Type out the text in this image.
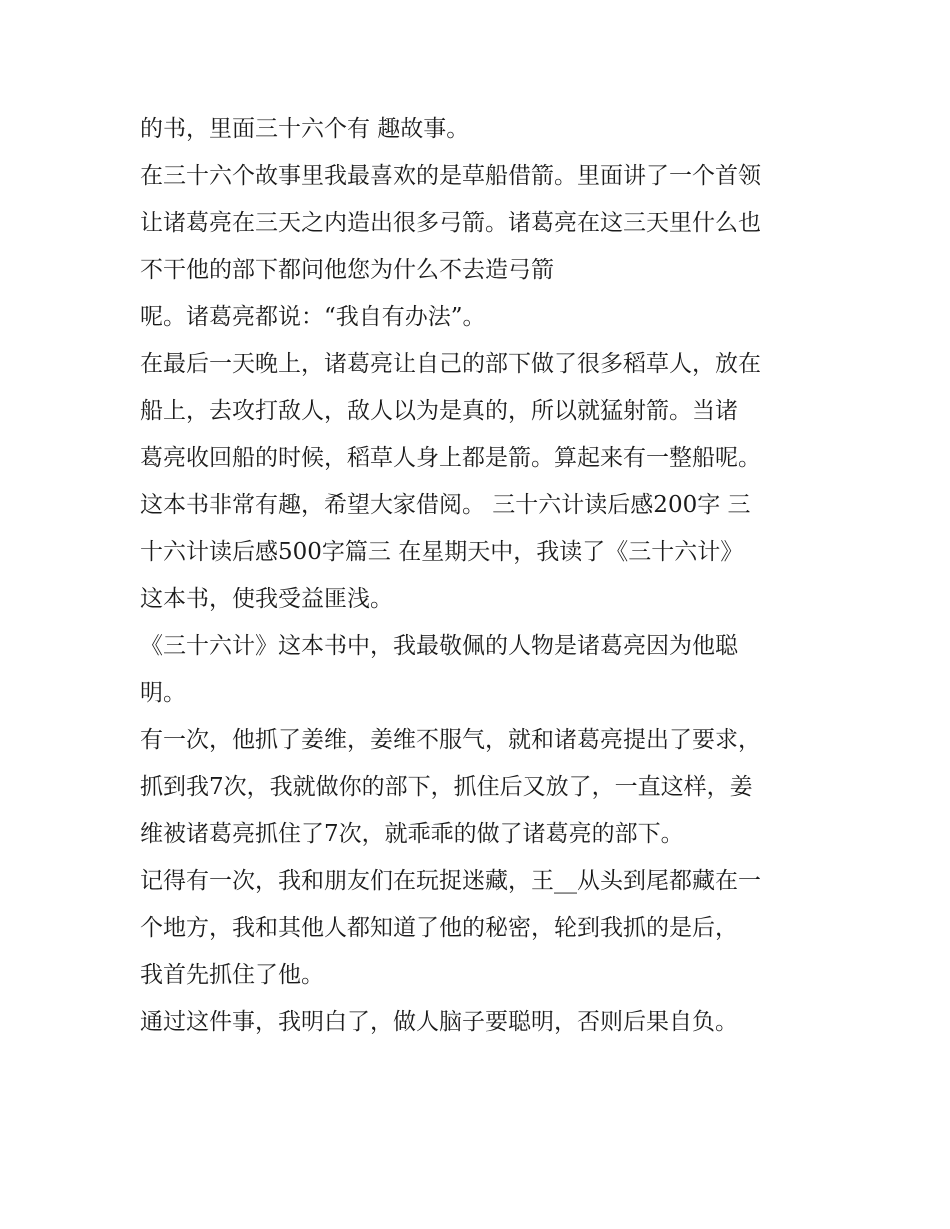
的书，里面三十六个有 趣故事。
在三十六个故事里我最喜欢的是草船借箭。里面讲了一个首领
让诸葛亮在三天之内造出很多弓箭。诸葛亮在这三天里什么也
不干他的部下都问他您为什么不去造弓箭
呢。诸葛亮都说：“我自有办法”。
在最后一天晚上，诸葛亮让自己的部下做了很多稻草人，放在
船上，去攻打敌人，敌人以为是真的，所以就猛射箭。当诸
葛亮收回船的时候，稻草人身上都是箭。算起来有一整船呢。
这本书非常有趣，希望大家借阅。 三十六计读后感200字 三
十六计读后感500字篇三 在星期天中，我读了《三十六计》
这本书，使我受益匪浅。
《三十六计》这本书中，我最敬佩的人物是诸葛亮因为他聪
明。
有一次，他抓了姜维，姜维不服气，就和诸葛亮提出了要求，
抓到我7次，我就做你的部下，抓住后又放了，一直这样，姜
维被诸葛亮抓住了7次，就乖乖的做了诸葛亮的部下。
记得有一次，我和朋友们在玩捉迷藏，王__从头到尾都藏在一
个地方，我和其他人都知道了他的秘密，轮到我抓的是后，
我首先抓住了他。
通过这件事，我明白了，做人脑子要聪明，否则后果自负。
